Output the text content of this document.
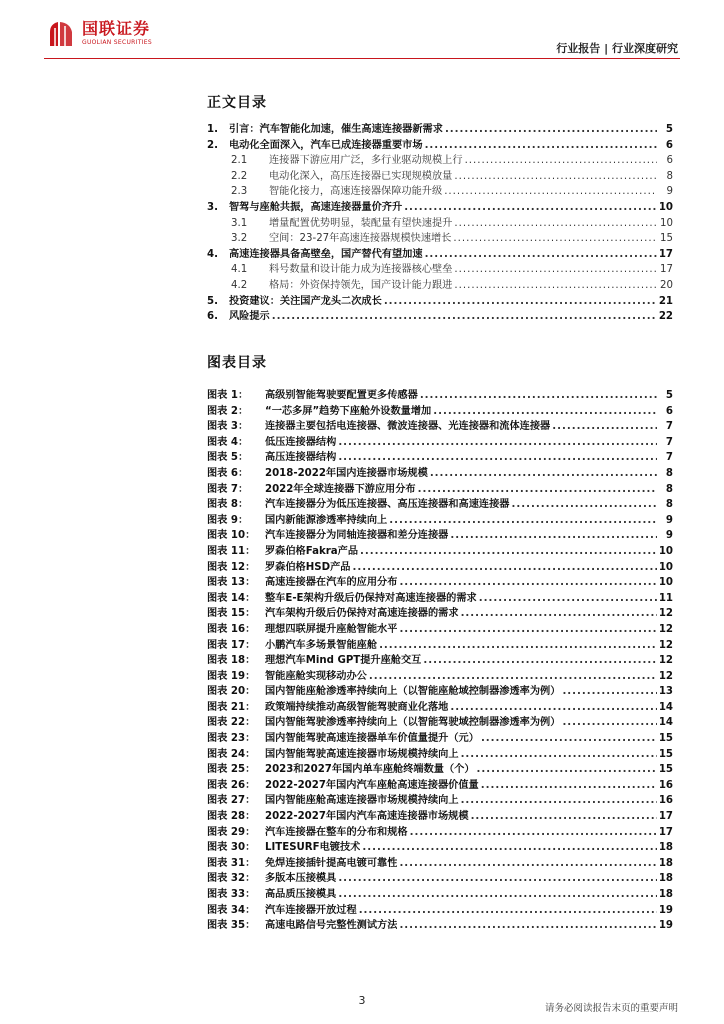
国联证券
GUOLIAN SECURITIES	行业报告 | 行业深度研究
正文目录
1.	引言：汽车智能化加速，催生高速连接器新需求 .....	5
2.	电动化全面深入，汽车已成连接器重要市场 .....	6
2.1	连接器下游应用广泛，多行业驱动规模上行 .....	6
2.2	电动化深入，高压连接器已实现规模放量 .....	8
2.3	智能化接力，高速连接器保障功能升级 .....	9
3.	智驾与座舱共振，高速连接器量价齐升 .....	10
3.1	增量配置优势明显，装配量有望快速提升 .....	10
3.2	空间：23-27年高速连接器规模快速增长 .....	15
4.	高速连接器具备高壁垒，国产替代有望加速 .....	17
4.1	料号数量和设计能力成为连接器核心壁垒 .....	17
4.2	格局：外资保持领先，国产设计能力跟进 .....	20
5.	投资建议：关注国产龙头二次成长 .....	21
6.	风险提示 .....	22
图表目录
图表 1：	高级别智能驾驶要配置更多传感器 .....	5
图表 2：	“一芯多屏”趋势下座舱外设数量增加 .....	6
图表 3：	连接器主要包括电连接器、微波连接器、光连接器和流体连接器 .....	7
图表 4：	低压连接器结构 .....	7
图表 5：	高压连接器结构 .....	7
图表 6：	2018-2022年国内连接器市场规模 .....	8
图表 7：	2022年全球连接器下游应用分布 .....	8
图表 8：	汽车连接器分为低压连接器、高压连接器和高速连接器 .....	8
图表 9：	国内新能源渗透率持续向上 .....	9
图表 10： 汽车连接器分为同轴连接器和差分连接器 .....	9
图表 11： 罗森伯格Fakra产品 .....	10
图表 12： 罗森伯格HSD产品 .....	10
图表 13： 高速连接器在汽车的应用分布 .....	10
图表 14： 整车E-E架构升级后仍保持对高速连接器的需求 .....	11
图表 15： 汽车架构升级后仍保持对高速连接器的需求 .....	12
图表 16： 理想四联屏提升座舱智能水平 .....	12
图表 17： 小鹏汽车多场景智能座舱 .....	12
图表 18： 理想汽车Mind GPT提升座舱交互 .....	12
图表 19： 智能座舱实现移动办公 .....	12
图表 20： 国内智能座舱渗透率持续向上（以智能座舱域控制器渗透率为例） .....	13
图表 21： 政策端持续推动高级智能驾驶商业化落地 .....	14
图表 22： 国内智能驾驶渗透率持续向上（以智能驾驶域控制器渗透率为例） .....	14
图表 23： 国内智能驾驶高速连接器单车价值量提升（元） .....	15
图表 24： 国内智能驾驶高速连接器市场规模持续向上 .....	15
图表 25： 2023和2027年国内单车座舱终端数量（个） .....	15
图表 26： 2022-2027年国内汽车座舱高速连接器价值量 .....	16
图表 27： 国内智能座舱高速连接器市场规模持续向上 .....	16
图表 28： 2022-2027年国内汽车高速连接器市场规模 .....	17
图表 29： 汽车连接器在整车的分布和规格 .....	17
图表 30： LITESURF电镀技术 .....	18
图表 31： 免焊连接插针提高电镀可靠性 .....	18
图表 32： 多版本压接模具 .....	18
图表 33： 高品质压接模具 .....	18
图表 34： 汽车连接器开放过程 .....	19
图表 35： 高速电路信号完整性测试方法 .....	19
3
请务必阅读报告末页的重要声明
